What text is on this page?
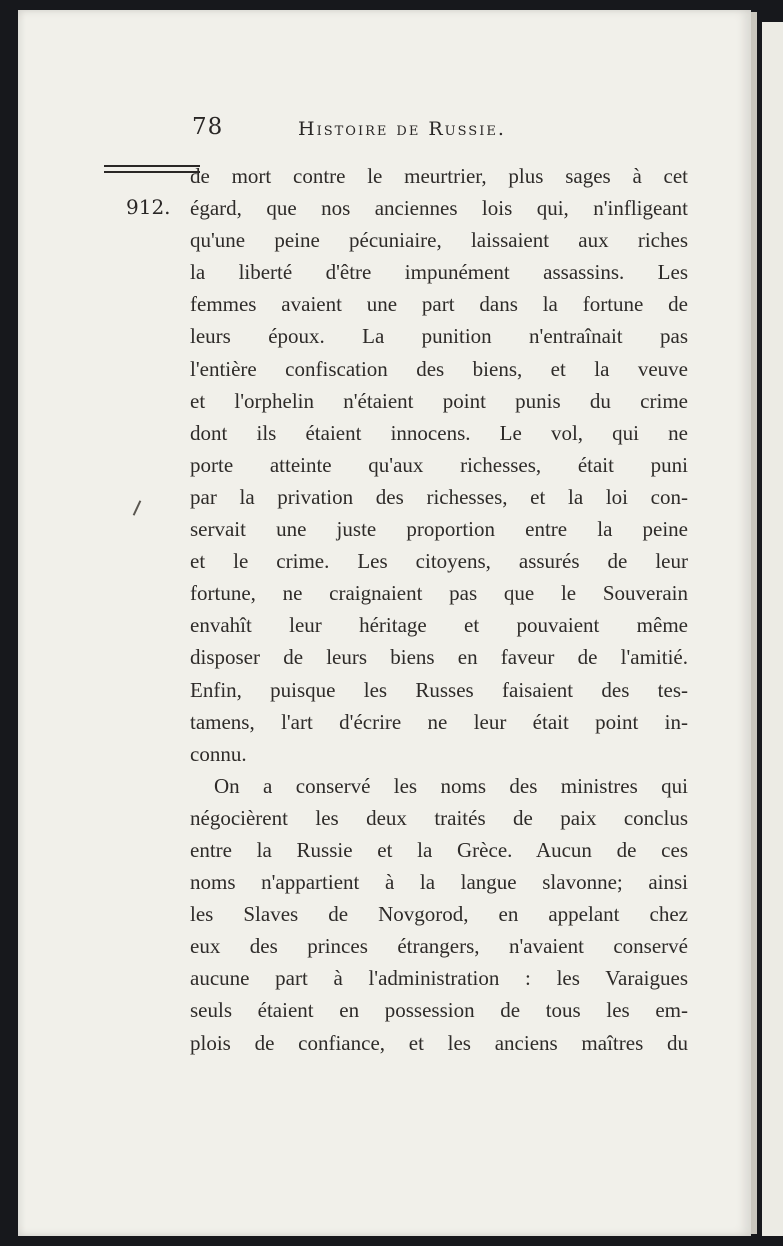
78	Histoire de Russie.
912.
de mort contre le meurtrier, plus sages à cet
égard, que nos anciennes lois qui, n'infligeant
qu'une peine pécuniaire, laissaient aux riches
la liberté d'être impunément assassins. Les
femmes avaient une part dans la fortune de
leurs époux. La punition n'entraînait pas
l'entière confiscation des biens, et la veuve
et l'orphelin n'étaient point punis du crime
dont ils étaient innocens. Le vol, qui ne
porte atteinte qu'aux richesses, était puni
par la privation des richesses, et la loi con-
servait une juste proportion entre la peine
et le crime. Les citoyens, assurés de leur
fortune, ne craignaient pas que le Souverain
envahît leur héritage et pouvaient même
disposer de leurs biens en faveur de l'amitié.
Enfin, puisque les Russes faisaient des tes-
tamens, l'art d'écrire ne leur était point in-
connu.
On a conservé les noms des ministres qui
négocièrent les deux traités de paix conclus
entre la Russie et la Grèce. Aucun de ces
noms n'appartient à la langue slavonne; ainsi
les Slaves de Novgorod, en appelant chez
eux des princes étrangers, n'avaient conservé
aucune part à l'administration : les Varaigues
seuls étaient en possession de tous les em-
plois de confiance, et les anciens maîtres du
